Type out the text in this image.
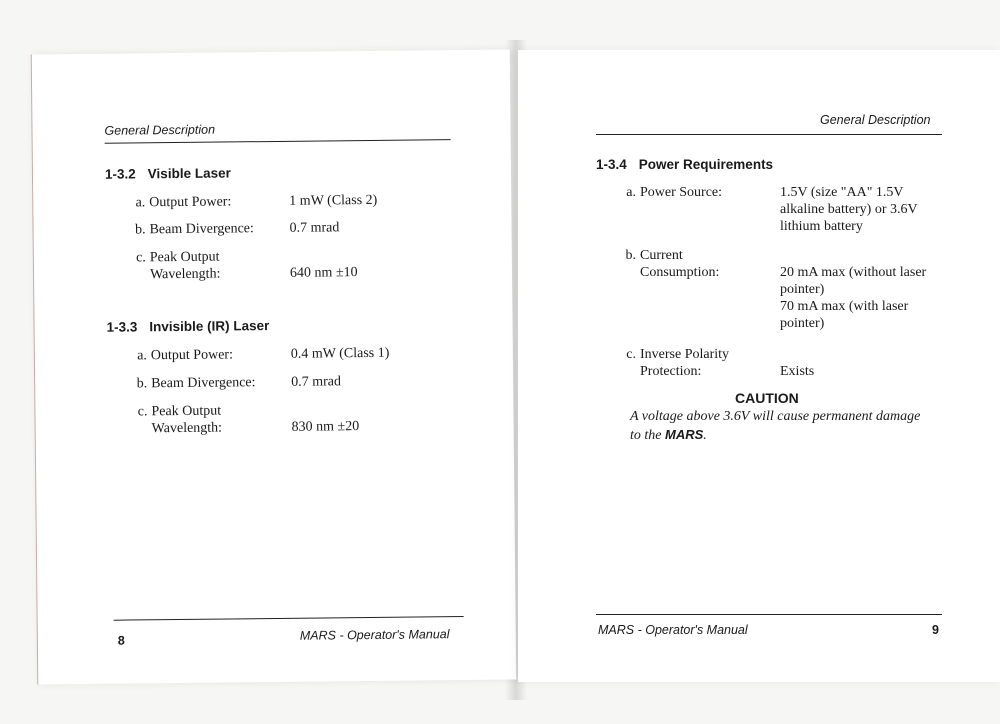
General Description
1-3.2 Visible Laser
a. Output Power:	1 mW (Class 2)
b. Beam Divergence:	0.7 mrad
c. Peak Output
Wavelength:	640 nm ±10
1-3.3 Invisible (IR) Laser
a. Output Power:	0.4 mW (Class 1)
b. Beam Divergence:	0.7 mrad
c. Peak Output
Wavelength:	830 nm ±20
8	MARS - Operator's Manual
General Description
1-3.4 Power Requirements
a. Power Source:	1.5V (size "AA" 1.5V
alkaline battery) or 3.6V
lithium battery
b. Current
Consumption:	20 mA max (without laser
pointer)
70 mA max (with laser
pointer)
c. Inverse Polarity
Protection:	Exists
CAUTION
A voltage above 3.6V will cause permanent damage to the MARS.
MARS - Operator's Manual	9
